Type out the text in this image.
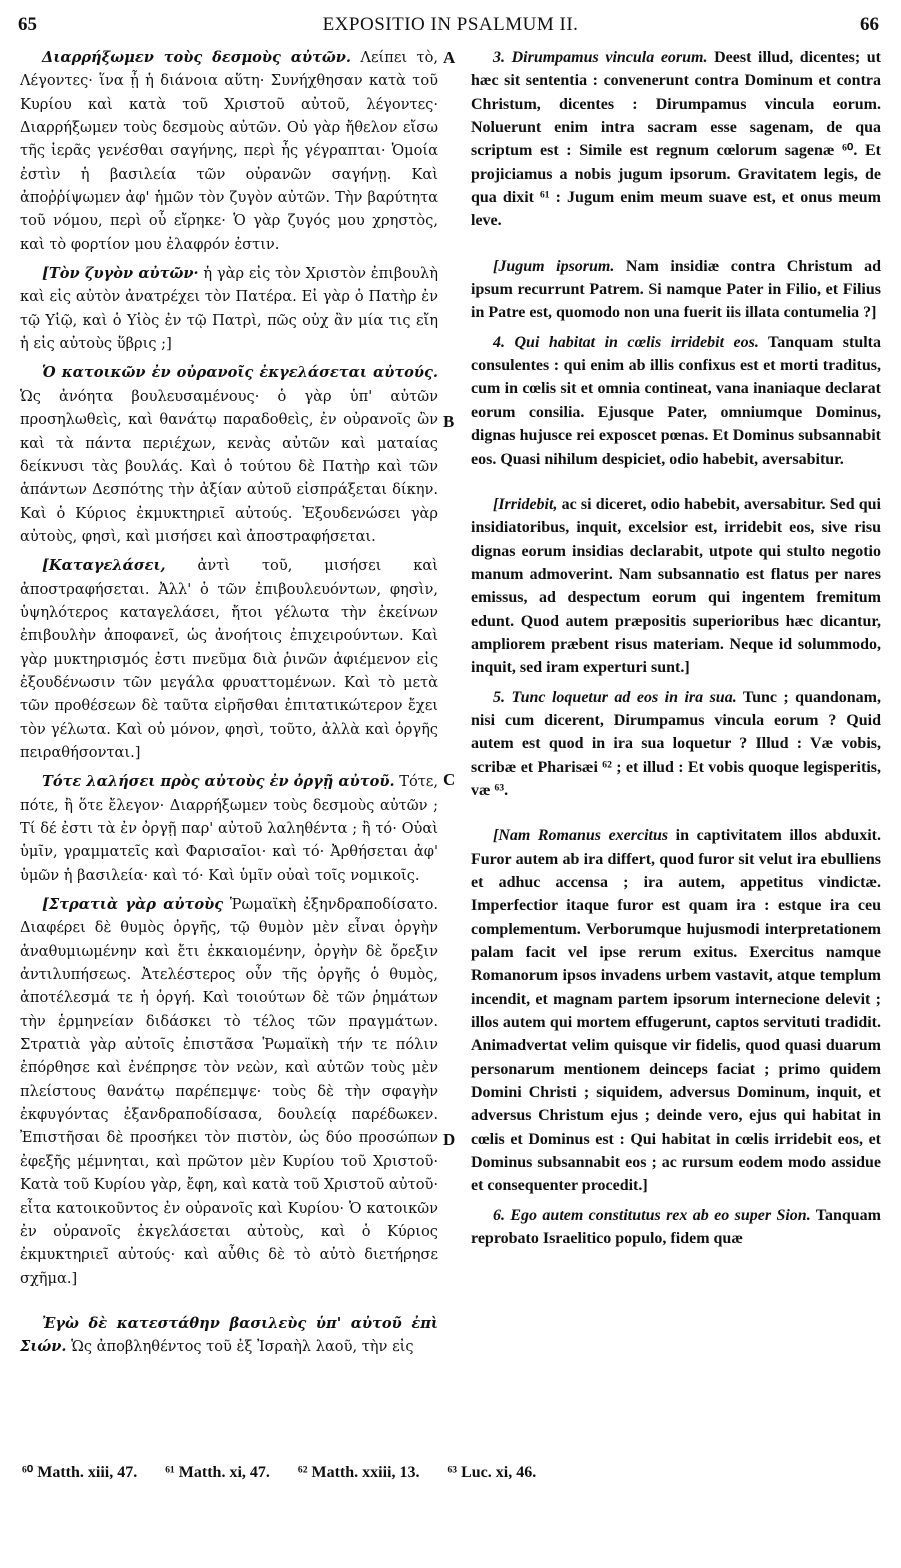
65	EXPOSITIO IN PSALMUM II.	66
A
B
C
D

Διαρρήξωμεν τοὺς δεσμοὺς αὐτῶν. Λείπει τὸ, Λέγοντες· ἵνα ᾖ ἡ διάνοια αὕτη· Συνήχθησαν κατὰ τοῦ Κυρίου καὶ κατὰ τοῦ Χριστοῦ αὐτοῦ, λέγοντες· Διαρρήξωμεν τοὺς δεσμοὺς αὐτῶν. Οὐ γὰρ ἤθελον εἴσω τῆς ἱερᾶς γενέσθαι σαγήνης, περὶ ἧς γέγραπται· Ὁμοία ἐστὶν ἡ βασιλεία τῶν οὐρανῶν σαγήνῃ. Καὶ ἀποῤῥίψωμεν ἀφ' ἡμῶν τὸν ζυγὸν αὐτῶν. Τὴν βαρύτητα τοῦ νόμου, περὶ οὗ εἴρηκε· Ὁ γὰρ ζυγός μου χρηστὸς, καὶ τὸ φορτίον μου ἐλαφρόν ἐστιν.

[Τὸν ζυγὸν αὐτῶν· ἡ γὰρ εἰς τὸν Χριστὸν ἐπιβουλὴ καὶ εἰς αὐτὸν ἀνατρέχει τὸν Πατέρα. Εἰ γὰρ ὁ Πατὴρ ἐν τῷ Υἱῷ, καὶ ὁ Υἱὸς ἐν τῷ Πατρὶ, πῶς οὐχ ἂν μία τις εἴη ἡ εἰς αὐτοὺς ὕβρις ;]

Ὁ κατοικῶν ἐν οὐρανοῖς ἐκγελάσεται αὐτούς. Ὡς ἀνόητα βουλευσαμένους· ὁ γὰρ ὑπ' αὐτῶν προσηλωθεὶς, καὶ θανάτῳ παραδοθεὶς, ἐν οὐρανοῖς ὢν καὶ τὰ πάντα περιέχων, κενὰς αὐτῶν καὶ ματαίας δείκνυσι τὰς βουλάς. Καὶ ὁ τούτου δὲ Πατὴρ καὶ τῶν ἁπάντων Δεσπότης τὴν ἀξίαν αὐτοῦ εἰσπράξεται δίκην. Καὶ ὁ Κύριος ἐκμυκτηριεῖ αὐτούς. Ἐξουδενώσει γὰρ αὐτοὺς, φησὶ, καὶ μισήσει καὶ ἀποστραφήσεται.

[Καταγελάσει, ἀντὶ τοῦ, μισήσει καὶ ἀποστραφήσεται. Ἀλλ' ὁ τῶν ἐπιβουλευόντων, φησὶν, ὑψηλότερος καταγελάσει, ἤτοι γέλωτα τὴν ἐκείνων ἐπιβουλὴν ἀποφανεῖ, ὡς ἀνοήτοις ἐπιχειρούντων. Καὶ γὰρ μυκτηρισμός ἐστι πνεῦμα διὰ ῥινῶν ἀφιέμενον εἰς ἐξουδένωσιν τῶν μεγάλα φρυαττομένων. Καὶ τὸ μετὰ τῶν προθέσεων δὲ ταῦτα εἰρῆσθαι ἐπιτατικώτερον ἔχει τὸν γέλωτα. Καὶ οὐ μόνον, φησὶ, τοῦτο, ἀλλὰ καὶ ὀργῆς πειραθήσονται.]

Τότε λαλήσει πρὸς αὐτοὺς ἐν ὀργῇ αὐτοῦ. Τότε, πότε, ἢ ὅτε ἔλεγον· Διαρρήξωμεν τοὺς δεσμοὺς αὐτῶν ; Τί δέ ἐστι τὰ ἐν ὀργῇ παρ' αὐτοῦ λαληθέντα ; ἢ τό· Οὐαὶ ὑμῖν, γραμματεῖς καὶ Φαρισαῖοι· καὶ τό· Ἀρθήσεται ἀφ' ὑμῶν ἡ βασιλεία· καὶ τό· Καὶ ὑμῖν οὐαὶ τοῖς νομικοῖς.

[Στρατιὰ γὰρ αὐτοὺς Ῥωμαϊκὴ ἐξηνδραποδίσατο. Διαφέρει δὲ θυμὸς ὀργῆς, τῷ θυμὸν μὲν εἶναι ὀργὴν ἀναθυμιωμένην καὶ ἔτι ἐκκαιομένην, ὀργὴν δὲ ὄρεξιν ἀντιλυπήσεως. Ἀτελέστερος οὖν τῆς ὀργῆς ὁ θυμὸς, ἀποτέλεσμά τε ἡ ὀργή. Καὶ τοιούτων δὲ τῶν ῥημάτων τὴν ἑρμηνείαν διδάσκει τὸ τέλος τῶν πραγμάτων. Στρατιὰ γὰρ αὐτοῖς ἐπιστᾶσα Ῥωμαϊκὴ τήν τε πόλιν ἐπόρθησε καὶ ἐνέπρησε τὸν νεὼν, καὶ αὐτῶν τοὺς μὲν πλείστους θανάτῳ παρέπεμψε· τοὺς δὲ τὴν σφαγὴν ἐκφυγόντας ἐξανδραποδίσασα, δουλείᾳ παρέδωκεν. Ἐπιστῆσαι δὲ προσήκει τὸν πιστὸν, ὡς δύο προσώπων ἐφεξῆς μέμνηται, καὶ πρῶτον μὲν Κυρίου τοῦ Χριστοῦ· Κατὰ τοῦ Κυρίου γὰρ, ἔφη, καὶ κατὰ τοῦ Χριστοῦ αὐτοῦ· εἶτα κατοικοῦντος ἐν οὐρανοῖς καὶ Κυρίου· Ὁ κατοικῶν ἐν οὐρανοῖς ἐκγελάσεται αὐτοὺς, καὶ ὁ Κύριος ἐκμυκτηριεῖ αὐτούς· καὶ αὖθις δὲ τὸ αὐτὸ διετήρησε σχῆμα.]

Ἐγὼ δὲ κατεστάθην βασιλεὺς ὑπ' αὐτοῦ ἐπὶ Σιών. Ὡς ἀποβληθέντος τοῦ ἐξ Ἰσραὴλ λαοῦ, τὴν εἰς

3. Dirumpamus vincula eorum. Deest illud, dicentes; ut hæc sit sententia : convenerunt contra Dominum et contra Christum, dicentes : Dirumpamus vincula eorum. Noluerunt enim intra sacram esse sagenam, de qua scriptum est : Simile est regnum cœlorum sagenæ ⁶⁰. Et projiciamus a nobis jugum ipsorum. Gravitatem legis, de qua dixit ⁶¹ : Jugum enim meum suave est, et onus meum leve.

[Jugum ipsorum. Nam insidiæ contra Christum ad ipsum recurrunt Patrem. Si namque Pater in Filio, et Filius in Patre est, quomodo non una fuerit iis illata contumelia ?]

4. Qui habitat in cœlis irridebit eos. Tanquam stulta consulentes : qui enim ab illis confixus est et morti traditus, cum in cœlis sit et omnia contineat, vana inaniaque declarat eorum consilia. Ejusque Pater, omniumque Dominus, dignas hujusce rei exposcet pœnas. Et Dominus subsannabit eos. Quasi nihilum despiciet, odio habebit, aversabitur.

[Irridebit, ac si diceret, odio habebit, aversabitur. Sed qui insidiatoribus, inquit, excelsior est, irridebit eos, sive risu dignas eorum insidias declarabit, utpote qui stulto negotio manum admoverint. Nam subsannatio est flatus per nares emissus, ad despectum eorum qui ingentem fremitum edunt. Quod autem præpositis superioribus hæc dicantur, ampliorem præbent risus materiam. Neque id solummodo, inquit, sed iram experturi sunt.]

5. Tunc loquetur ad eos in ira sua. Tunc ; quandonam, nisi cum dicerent, Dirumpamus vincula eorum ? Quid autem est quod in ira sua loquetur ? Illud : Væ vobis, scribæ et Pharisæi ⁶² ; et illud : Et vobis quoque legisperitis, væ ⁶³.

[Nam Romanus exercitus in captivitatem illos abduxit. Furor autem ab ira differt, quod furor sit velut ira ebulliens et adhuc accensa ; ira autem, appetitus vindictæ. Imperfectior itaque furor est quam ira : estque ira ceu complementum. Verborumque hujusmodi interpretationem palam facit vel ipse rerum exitus. Exercitus namque Romanorum ipsos invadens urbem vastavit, atque templum incendit, et magnam partem ipsorum internecione delevit ; illos autem qui mortem effugerunt, captos servituti tradidit. Animadvertat velim quisque vir fidelis, quod quasi duarum personarum mentionem deinceps faciat ; primo quidem Domini Christi ; siquidem, adversus Dominum, inquit, et adversus Christum ejus ; deinde vero, ejus qui habitat in cœlis et Dominus est : Qui habitat in cœlis irridebit eos, et Dominus subsannabit eos ; ac rursum eodem modo assidue et consequenter procedit.]

6. Ego autem constitutus rex ab eo super Sion. Tanquam reprobato Israelitico populo, fidem quæ

⁶⁰ Matth. xiii, 47. ⁶¹ Matth. xi, 47. ⁶² Matth. xxiii, 13. ⁶³ Luc. xi, 46.
